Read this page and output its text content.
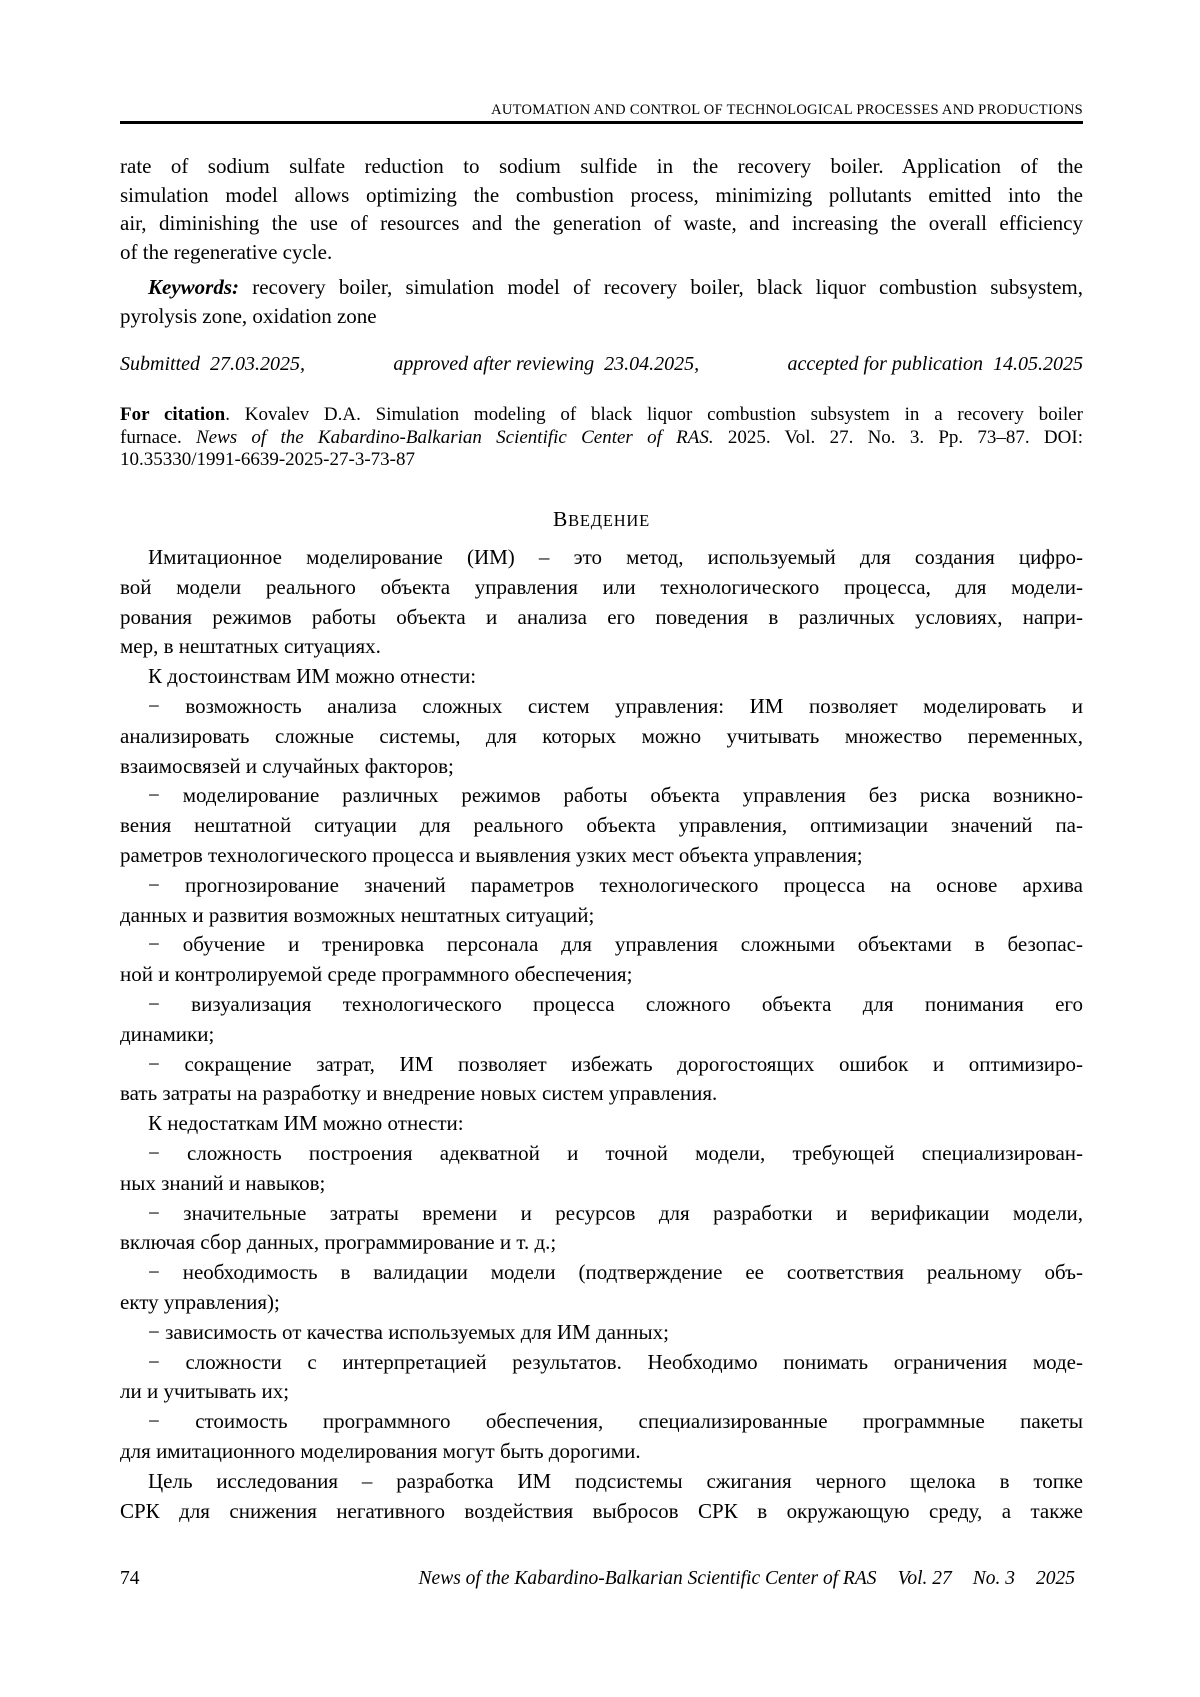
AUTOMATION AND CONTROL OF TECHNOLOGICAL PROCESSES AND PRODUCTIONS
rate of sodium sulfate reduction to sodium sulfide in the recovery boiler. Application of the
simulation model allows optimizing the combustion process, minimizing pollutants emitted into the
air, diminishing the use of resources and the generation of waste, and increasing the overall efficiency
of the regenerative cycle.
Keywords: recovery boiler, simulation model of recovery boiler, black liquor combustion subsystem,
pyrolysis zone, oxidation zone
Submitted 27.03.2025,	approved after reviewing 23.04.2025,	accepted for publication 14.05.2025
For citation. Kovalev D.A. Simulation modeling of black liquor combustion subsystem in a recovery boiler
furnace. News of the Kabardino-Balkarian Scientific Center of RAS. 2025. Vol. 27. No. 3. Pp. 73–87. DOI:
10.35330/1991-6639-2025-27-3-73-87
ВВЕДЕНИЕ
Имитационное моделирование (ИМ) – это метод, используемый для создания цифро-
вой модели реального объекта управления или технологического процесса, для модели-
рования режимов работы объекта и анализа его поведения в различных условиях, напри-
мер, в нештатных ситуациях.
К достоинствам ИМ можно отнести:
− возможность анализа сложных систем управления: ИМ позволяет моделировать и
анализировать сложные системы, для которых можно учитывать множество переменных,
взаимосвязей и случайных факторов;
− моделирование различных режимов работы объекта управления без риска возникно-
вения нештатной ситуации для реального объекта управления, оптимизации значений па-
раметров технологического процесса и выявления узких мест объекта управления;
− прогнозирование значений параметров технологического процесса на основе архива
данных и развития возможных нештатных ситуаций;
− обучение и тренировка персонала для управления сложными объектами в безопас-
ной и контролируемой среде программного обеспечения;
− визуализация технологического процесса сложного объекта для понимания его
динамики;
− сокращение затрат, ИМ позволяет избежать дорогостоящих ошибок и оптимизиро-
вать затраты на разработку и внедрение новых систем управления.
К недостаткам ИМ можно отнести:
− сложность построения адекватной и точной модели, требующей специализирован-
ных знаний и навыков;
− значительные затраты времени и ресурсов для разработки и верификации модели,
включая сбор данных, программирование и т. д.;
− необходимость в валидации модели (подтверждение ее соответствия реальному объ-
екту управления);
− зависимость от качества используемых для ИМ данных;
− сложности с интерпретацией результатов. Необходимо понимать ограничения моде-
ли и учитывать их;
− стоимость программного обеспечения, специализированные программные пакеты
для имитационного моделирования могут быть дорогими.
Цель исследования – разработка ИМ подсистемы сжигания черного щелока в топке
СРК для снижения негативного воздействия выбросов СРК в окружающую среду, а также
74	News of the Kabardino-Balkarian Scientific Center of RAS Vol. 27 No. 3 2025
